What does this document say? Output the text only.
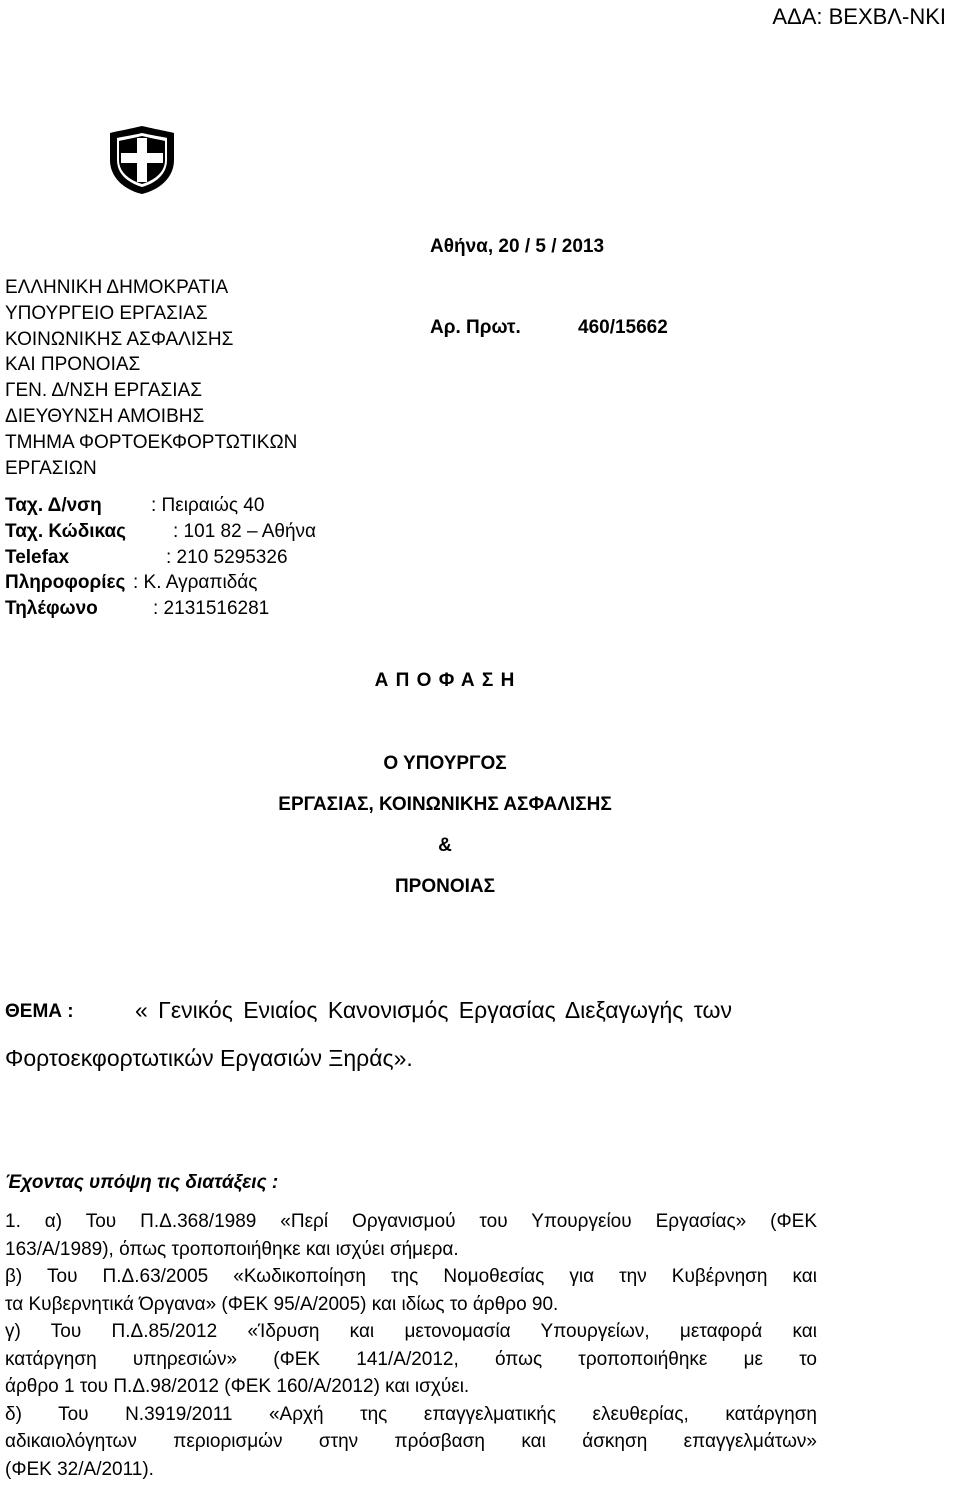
ΑΔΑ: ΒΕΧΒΛ-ΝΚΙ
Αθήνα, 20 / 5 / 2013
Αρ. Πρωτ.	460/15662
ΕΛΛΗΝΙΚΗ ΔΗΜΟΚΡΑΤΙΑ
ΥΠΟΥΡΓΕΙΟ ΕΡΓΑΣΙΑΣ
ΚΟΙΝΩΝΙΚΗΣ ΑΣΦΑΛΙΣΗΣ
ΚΑΙ ΠΡΟΝΟΙΑΣ
ΓΕΝ. Δ/ΝΣΗ ΕΡΓΑΣΙΑΣ
ΔΙΕΥΘΥΝΣΗ ΑΜΟΙΒΗΣ
ΤΜΗΜΑ ΦΟΡΤΟΕΚΦΟΡΤΩΤΙΚΩΝ
ΕΡΓΑΣΙΩΝ
Ταχ. Δ/νση	: Πειραιώς 40
Ταχ. Κώδικας : 101 82 – Αθήνα
Telefax	: 210 5295326
Πληροφορίες : Κ. Αγραπιδάς
Τηλέφωνο	: 2131516281
Α Π Ο Φ Α Σ Η
Ο ΥΠΟΥΡΓΟΣ
ΕΡΓΑΣΙΑΣ, ΚΟΙΝΩΝΙΚΗΣ ΑΣΦΑΛΙΣΗΣ
&
ΠΡΟΝΟΙΑΣ
ΘΕΜΑ :	« Γενικός Ενιαίος Κανονισμός Εργασίας Διεξαγωγής των
Φορτοεκφορτωτικών Εργασιών Ξηράς».
Έχοντας υπόψη τις διατάξεις :
1. α) Του Π.Δ.368/1989 «Περί Οργανισμού του Υπουργείου Εργασίας» (ΦΕΚ
163/Α/1989), όπως τροποποιήθηκε και ισχύει σήμερα.
β) Του Π.Δ.63/2005 «Κωδικοποίηση της Νομοθεσίας για την Κυβέρνηση και
τα Κυβερνητικά Όργανα» (ΦΕΚ 95/Α/2005) και ιδίως το άρθρο 90.
γ) Του Π.Δ.85/2012 «Ίδρυση και μετονομασία Υπουργείων, μεταφορά και
κατάργηση υπηρεσιών» (ΦΕΚ 141/Α/2012, όπως τροποποιήθηκε με το
άρθρο 1 του Π.Δ.98/2012 (ΦΕΚ 160/Α/2012) και ισχύει.
δ) Του Ν.3919/2011 «Αρχή της επαγγελματικής ελευθερίας, κατάργηση
αδικαιολόγητων περιορισμών στην πρόσβαση και άσκηση επαγγελμάτων»
(ΦΕΚ 32/Α/2011).
